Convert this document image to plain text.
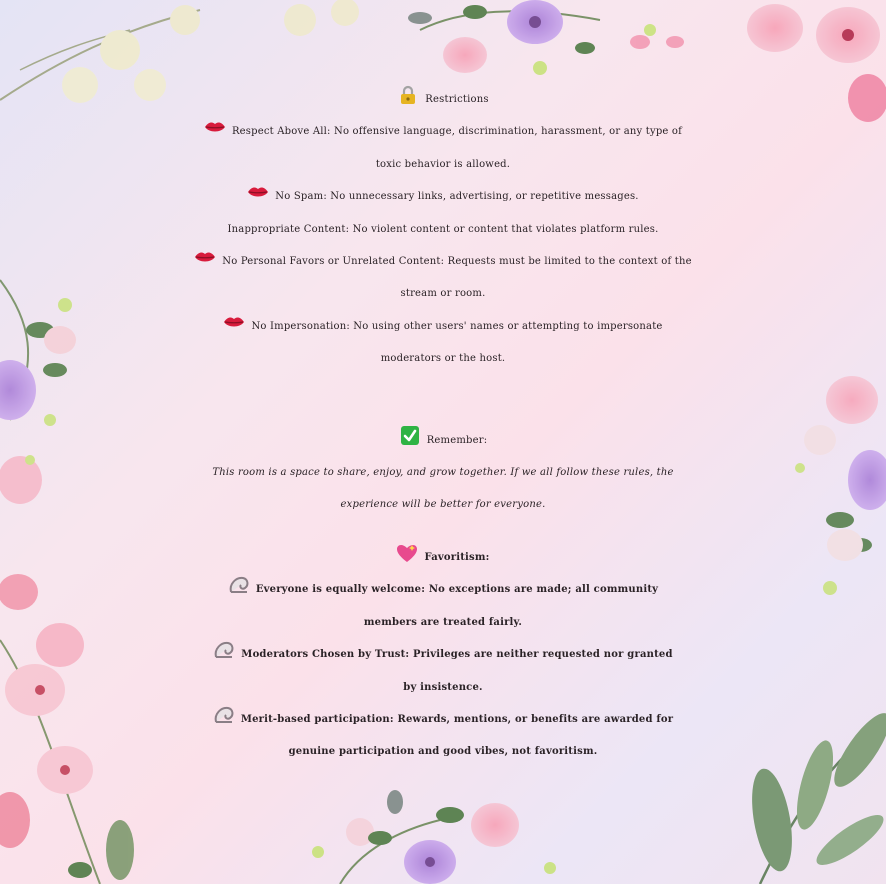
Restrictions
Respect Above All: No offensive language, discrimination, harassment, or any type of
toxic behavior is allowed.
No Spam: No unnecessary links, advertising, or repetitive messages.
Inappropriate Content: No violent content or content that violates platform rules.
No Personal Favors or Unrelated Content: Requests must be limited to the context of the
stream or room.
No Impersonation: No using other users' names or attempting to impersonate
moderators or the host.
Remember:
This room is a space to share, enjoy, and grow together. If we all follow these rules, the
experience will be better for everyone.
Favoritism:
Everyone is equally welcome: No exceptions are made; all community
members are treated fairly.
Moderators Chosen by Trust: Privileges are neither requested nor granted
by insistence.
Merit-based participation: Rewards, mentions, or benefits are awarded for
genuine participation and good vibes, not favoritism.
